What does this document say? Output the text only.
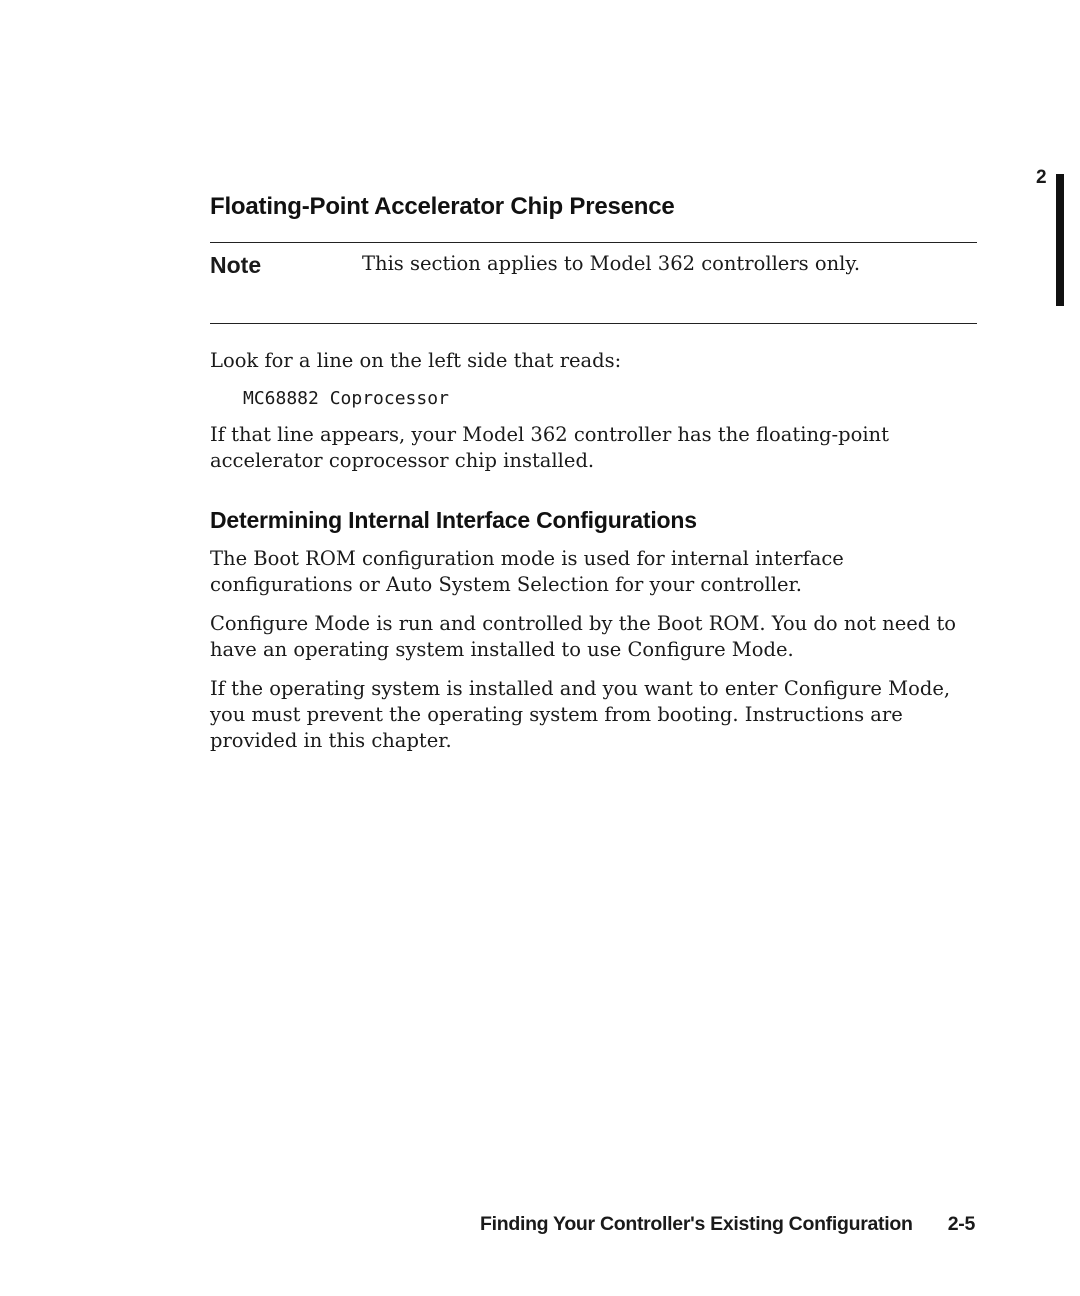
2
Floating-Point Accelerator Chip Presence
Note	This section applies to Model 362 controllers only.

Look for a line on the left side that reads:

MC68882 Coprocessor

If that line appears, your Model 362 controller has the floating-point accelerator coprocessor chip installed.

Determining Internal Interface Configurations

The Boot ROM configuration mode is used for internal interface configurations or Auto System Selection for your controller.

Configure Mode is run and controlled by the Boot ROM. You do not need to have an operating system installed to use Configure Mode.

If the operating system is installed and you want to enter Configure Mode, you must prevent the operating system from booting. Instructions are provided in this chapter.

Finding Your Controller's Existing Configuration 2-5
